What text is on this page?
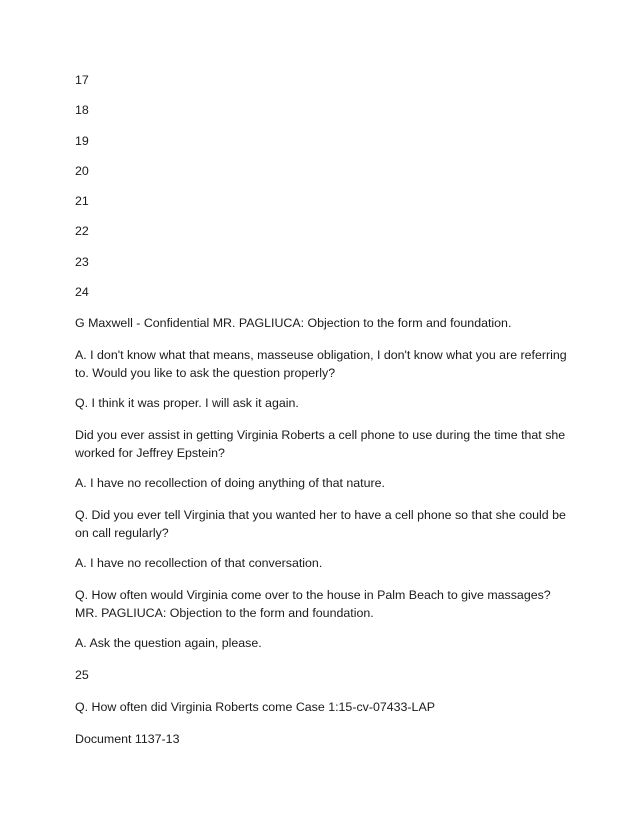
17
18
19
20
21
22
23
24

G Maxwell - Confidential MR. PAGLIUCA: Objection to the form and foundation.

A. I don't know what that means, masseuse obligation, I don't know what you are referring to. Would you like to ask the question properly?

Q. I think it was proper. I will ask it again.

Did you ever assist in getting Virginia Roberts a cell phone to use during the time that she worked for Jeffrey Epstein?

A. I have no recollection of doing anything of that nature.

Q. Did you ever tell Virginia that you wanted her to have a cell phone so that she could be on call regularly?

A. I have no recollection of that conversation.

Q. How often would Virginia come over to the house in Palm Beach to give massages? MR. PAGLIUCA: Objection to the form and foundation.

A. Ask the question again, please.

25

Q. How often did Virginia Roberts come Case 1:15-cv-07433-LAP

Document 1137-13
